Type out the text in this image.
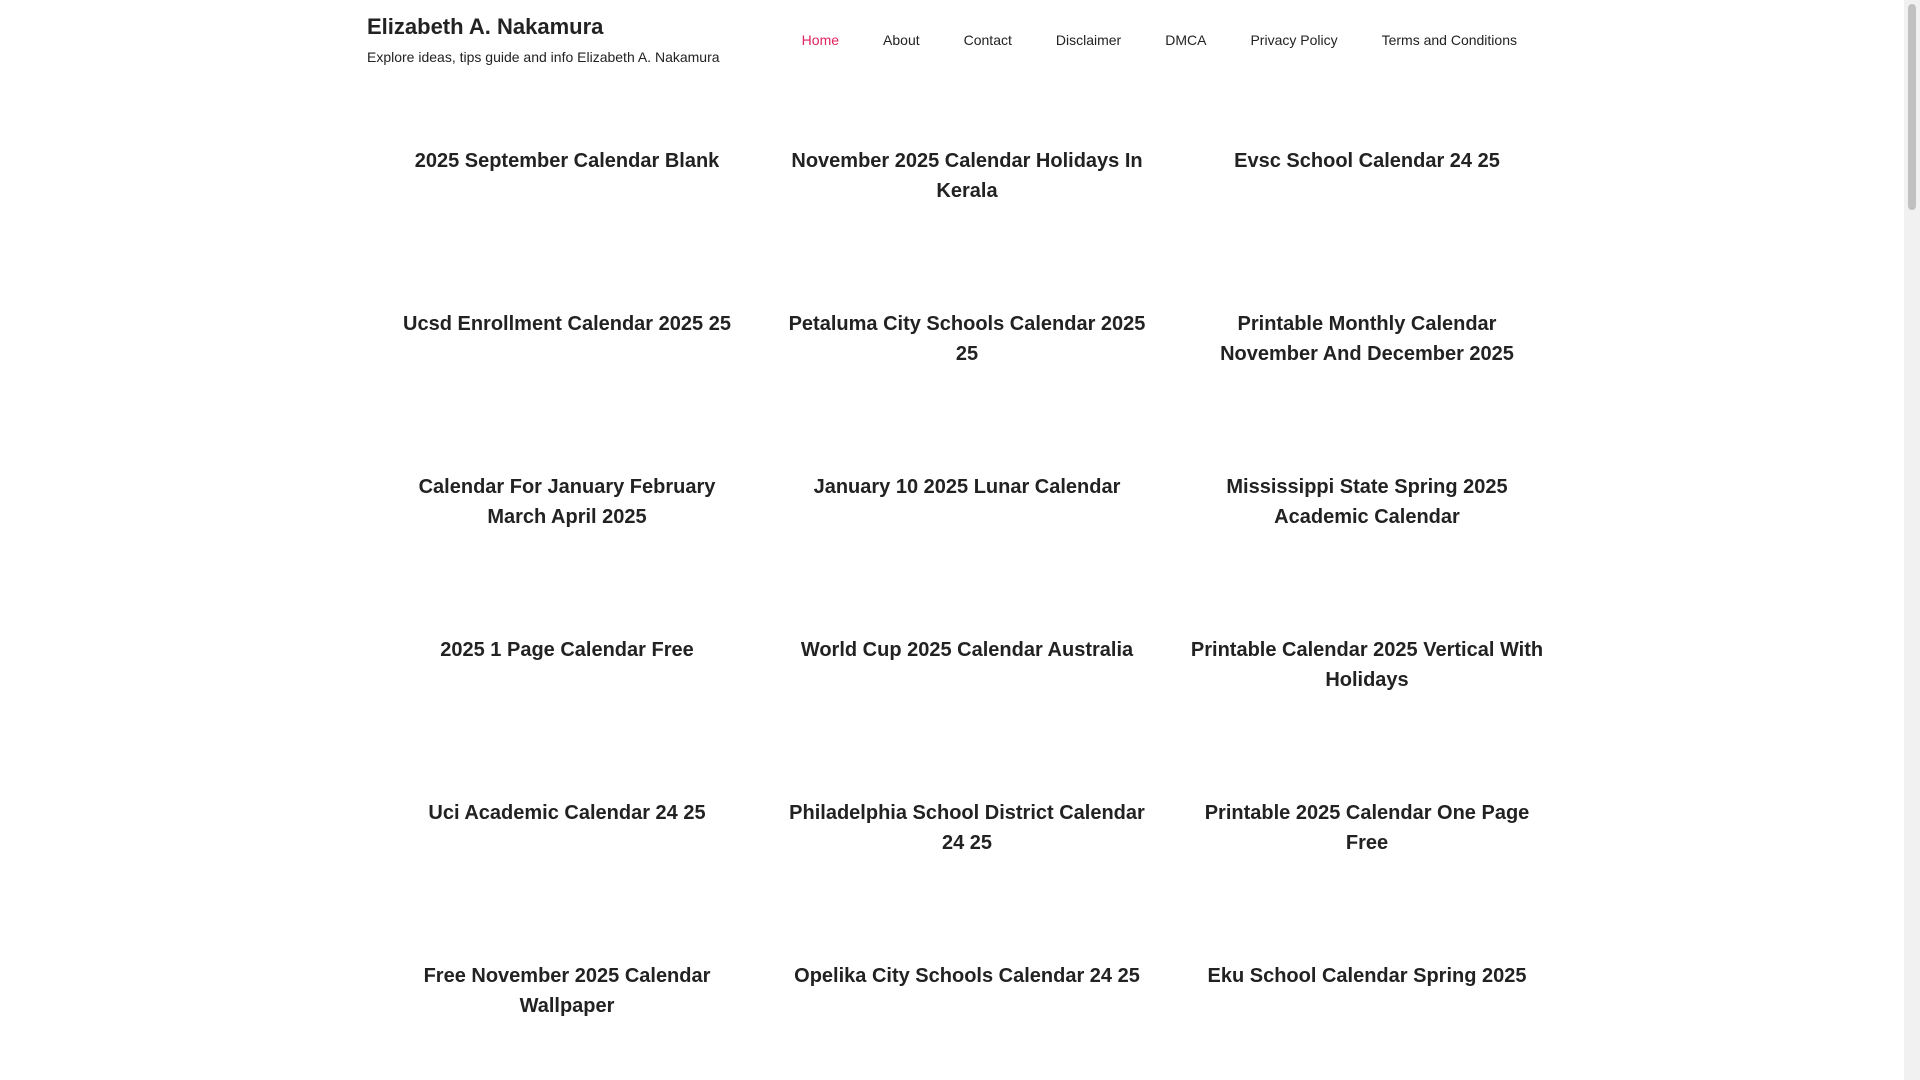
Elizabeth A. Nakamura
Explore ideas, tips guide and info Elizabeth A. Nakamura
Home	About	Contact	Disclaimer	DMCA	Privacy Policy	Terms and Conditions
2025 September Calendar Blank	November 2025 Calendar Holidays In Kerala
Evsc School Calendar 24 25
Ucsd Enrollment Calendar 2025 25	Petaluma City Schools Calendar 2025 25
Printable Monthly Calendar November And December 2025
Calendar For January February March April 2025
January 10 2025 Lunar Calendar	Mississippi State Spring 2025 Academic Calendar
2025 1 Page Calendar Free	World Cup 2025 Calendar Australia	Printable Calendar 2025 Vertical With Holidays
Uci Academic Calendar 24 25	Philadelphia School District Calendar 24 25
Printable 2025 Calendar One Page Free
Free November 2025 Calendar Wallpaper
Opelika City Schools Calendar 24 25	Eku School Calendar Spring 2025
